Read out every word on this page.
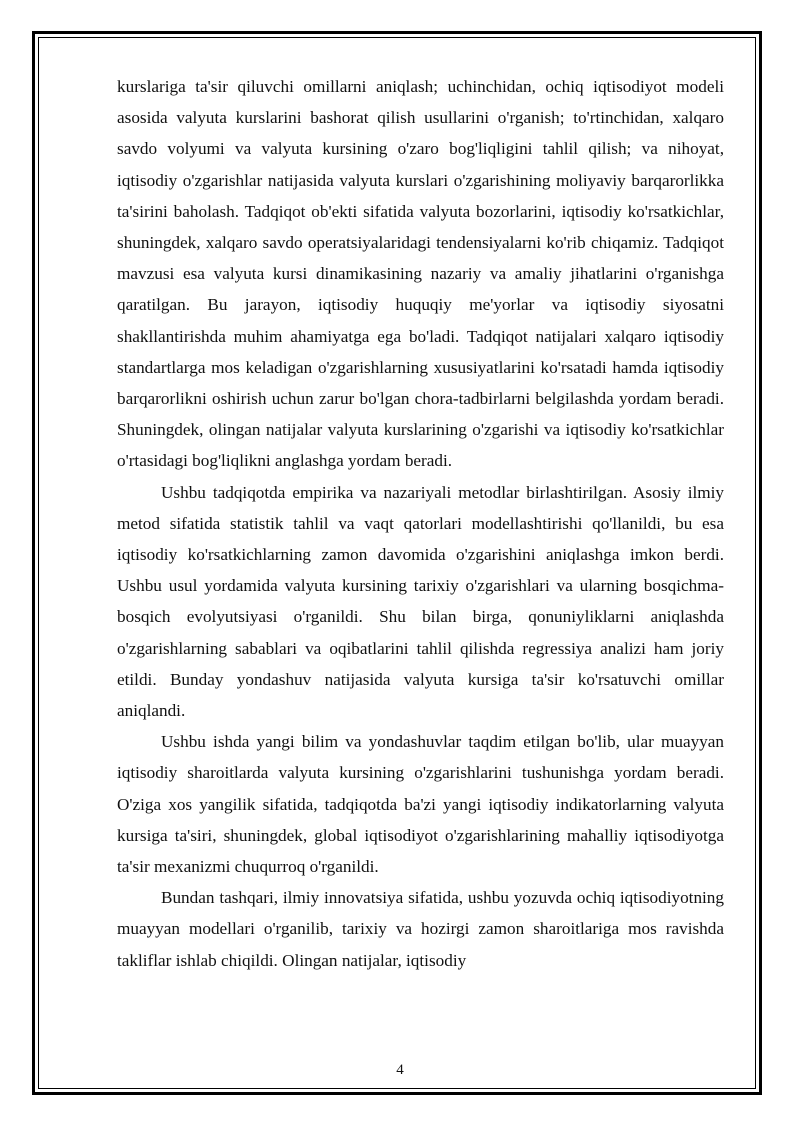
kurslariga ta'sir qiluvchi omillarni aniqlash; uchinchidan, ochiq iqtisodiyot modeli asosida valyuta kurslarini bashorat qilish usullarini o'rganish; to'rtinchidan, xalqaro savdo volyumi va valyuta kursining o'zaro bog'liqligini tahlil qilish; va nihoyat, iqtisodiy o'zgarishlar natijasida valyuta kurslari o'zgarishining moliyaviy barqarorlikka ta'sirini baholash. Tadqiqot ob'ekti sifatida valyuta bozorlarini, iqtisodiy ko'rsatkichlar, shuningdek, xalqaro savdo operatsiyalaridagi tendensiyalarni ko'rib chiqamiz. Tadqiqot mavzusi esa valyuta kursi dinamikasining nazariy va amaliy jihatlarini o'rganishga qaratilgan. Bu jarayon, iqtisodiy huquqiy me'yorlar va iqtisodiy siyosatni shakllantirishda muhim ahamiyatga ega bo'ladi. Tadqiqot natijalari xalqaro iqtisodiy standartlarga mos keladigan o'zgarishlarning xususiyatlarini ko'rsatadi hamda iqtisodiy barqarorlikni oshirish uchun zarur bo'lgan chora-tadbirlarni belgilashda yordam beradi. Shuningdek, olingan natijalar valyuta kurslarining o'zgarishi va iqtisodiy ko'rsatkichlar o'rtasidagi bog'liqlikni anglashga yordam beradi.

Ushbu tadqiqotda empirika va nazariyali metodlar birlashtirilgan. Asosiy ilmiy metod sifatida statistik tahlil va vaqt qatorlari modellashtirishi qo'llanildi, bu esa iqtisodiy ko'rsatkichlarning zamon davomida o'zgarishini aniqlashga imkon berdi. Ushbu usul yordamida valyuta kursining tarixiy o'zgarishlari va ularning bosqichma-bosqich evolyutsiyasi o'rganildi. Shu bilan birga, qonuniyliklarni aniqlashda o'zgarishlarning sabablari va oqibatlarini tahlil qilishda regressiya analizi ham joriy etildi. Bunday yondashuv natijasida valyuta kursiga ta'sir ko'rsatuvchi omillar aniqlandi.

Ushbu ishda yangi bilim va yondashuvlar taqdim etilgan bo'lib, ular muayyan iqtisodiy sharoitlarda valyuta kursining o'zgarishlarini tushunishga yordam beradi. O'ziga xos yangilik sifatida, tadqiqotda ba'zi yangi iqtisodiy indikatorlarning valyuta kursiga ta'siri, shuningdek, global iqtisodiyot o'zgarishlarining mahalliy iqtisodiyotga ta'sir mexanizmi chuqurroq o'rganildi.

Bundan tashqari, ilmiy innovatsiya sifatida, ushbu yozuvda ochiq iqtisodiyotning muayyan modellari o'rganilib, tarixiy va hozirgi zamon sharoitlariga mos ravishda takliflar ishlab chiqildi. Olingan natijalar, iqtisodiy

4
